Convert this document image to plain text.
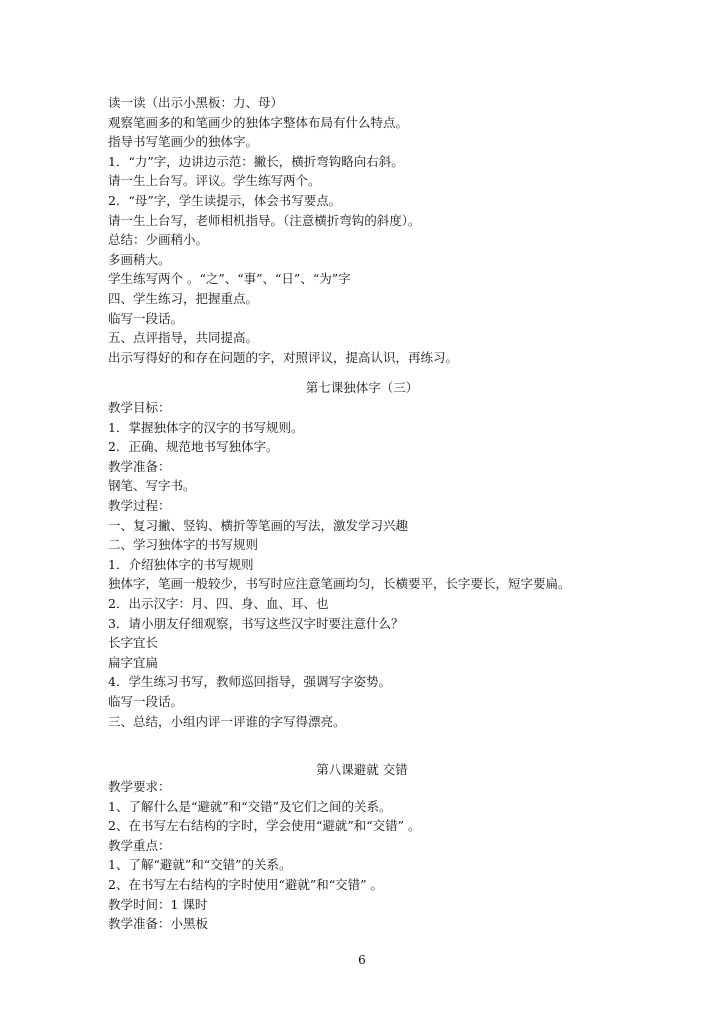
读一读（出示小黑板：力、母）
观察笔画多的和笔画少的独体字整体布局有什么特点。
指导书写笔画少的独体字。
1．“力”字，边讲边示范：撇长，横折弯钩略向右斜。
请一生上台写。评议。学生练写两个。
2．“母”字，学生读提示，体会书写要点。
请一生上台写，老师相机指导。（注意横折弯钩的斜度）。
总结：少画稍小。
多画稍大。
学生练写两个 。“之”、“事”、“日”、“为”字
四、学生练习，把握重点。
临写一段话。
五、点评指导，共同提高。
出示写得好的和存在问题的字，对照评议，提高认识，再练习。
第七课独体字（三）
教学目标：
1．掌握独体字的汉字的书写规则。
2．正确、规范地书写独体字。
教学准备：
钢笔、写字书。
教学过程：
一、复习撇、竖钩、横折等笔画的写法，激发学习兴趣
二、学习独体字的书写规则
1．介绍独体字的书写规则
独体字，笔画一般较少，书写时应注意笔画均匀，长横要平，长字要长，短字要扁。
2．出示汉字：月、四、身、血、耳、也
3．请小朋友仔细观察，书写这些汉字时要注意什么？
长字宜长
扁字宜扁
4．学生练习书写，教师巡回指导，强调写字姿势。
临写一段话。
三、总结，小组内评一评谁的字写得漂亮。
第八课避就 交错
教学要求：
1、了解什么是“避就”和“交错”及它们之间的关系。
2、在书写左右结构的字时，学会使用“避就”和“交错” 。
教学重点：
1、了解“避就”和“交错”的关系。
2、在书写左右结构的字时使用“避就”和“交错” 。
教学时间：1 课时
教学准备：小黑板
6
